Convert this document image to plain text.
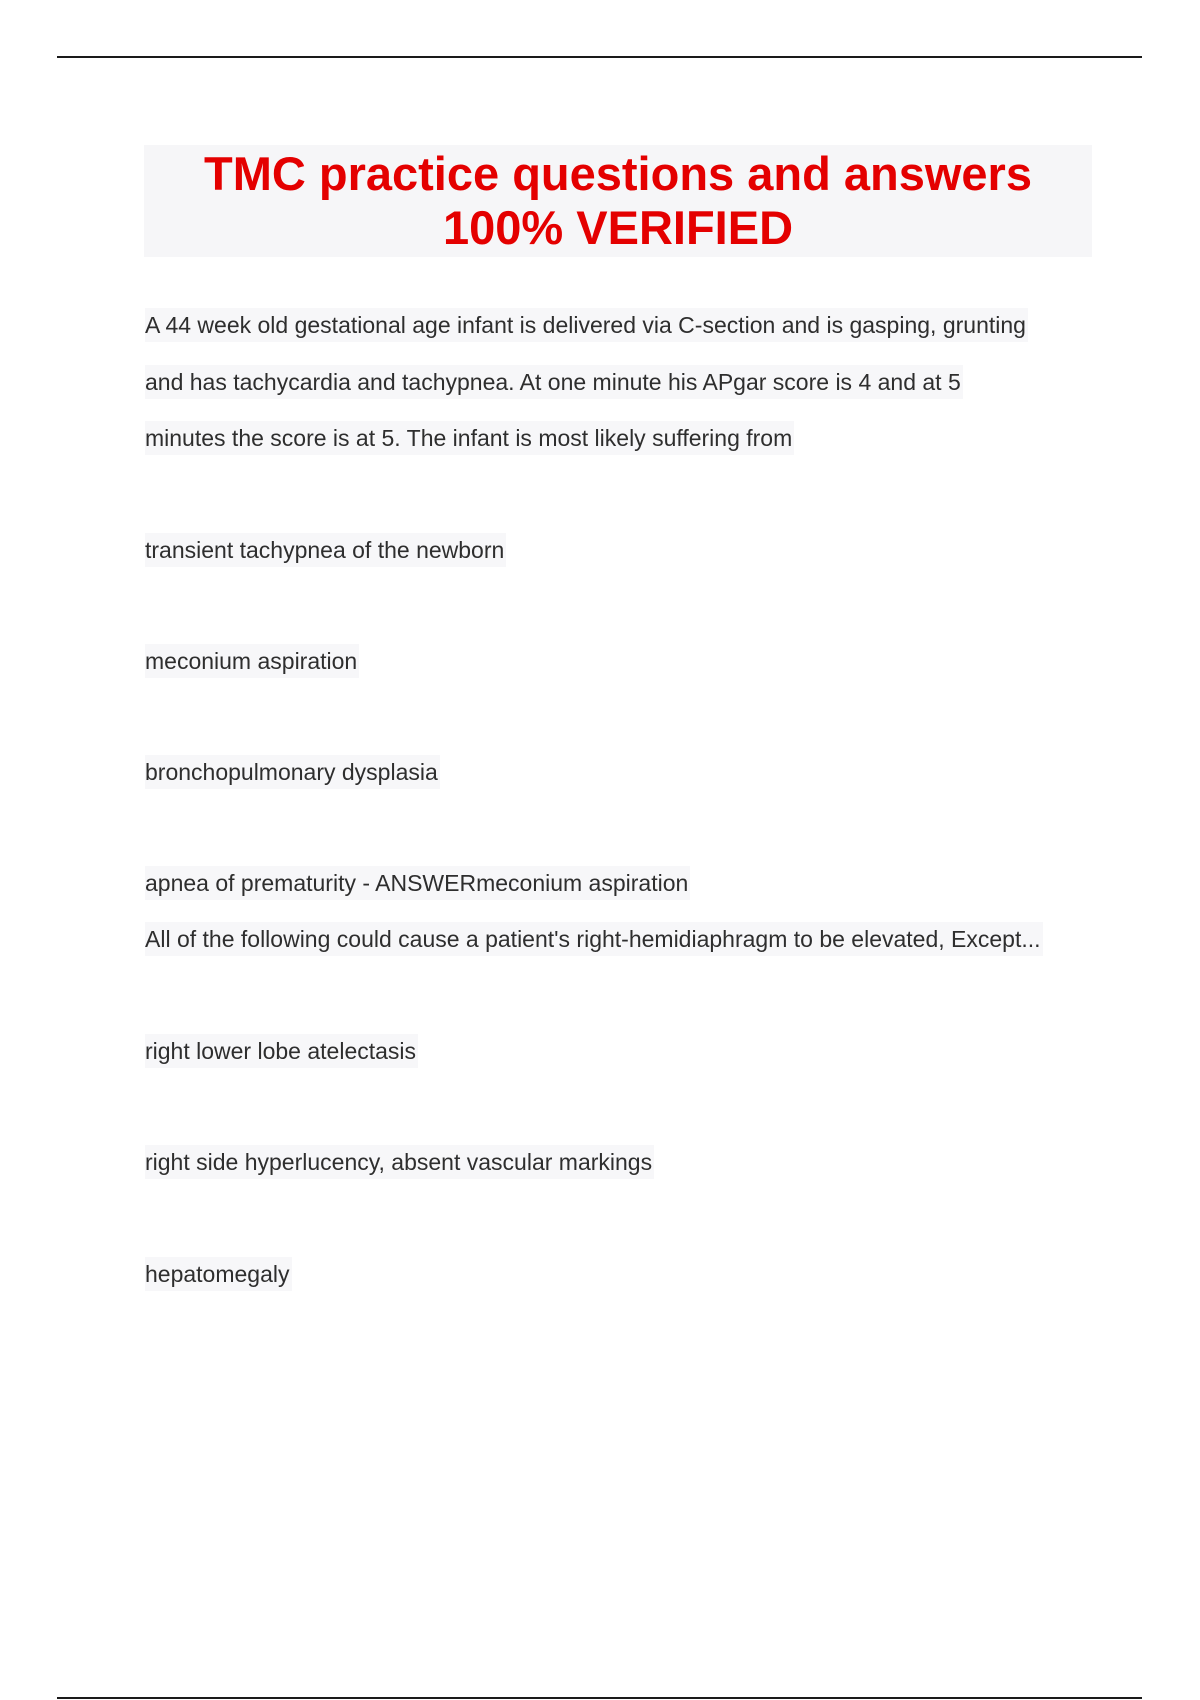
TMC practice questions and answers
100% VERIFIED
A 44 week old gestational age infant is delivered via C-section and is gasping, grunting
and has tachycardia and tachypnea. At one minute his APgar score is 4 and at 5
minutes the score is at 5. The infant is most likely suffering from
transient tachypnea of the newborn
meconium aspiration
bronchopulmonary dysplasia
apnea of prematurity - ANSWERmeconium aspiration
All of the following could cause a patient's right-hemidiaphragm to be elevated, Except...
right lower lobe atelectasis
right side hyperlucency, absent vascular markings
hepatomegaly
